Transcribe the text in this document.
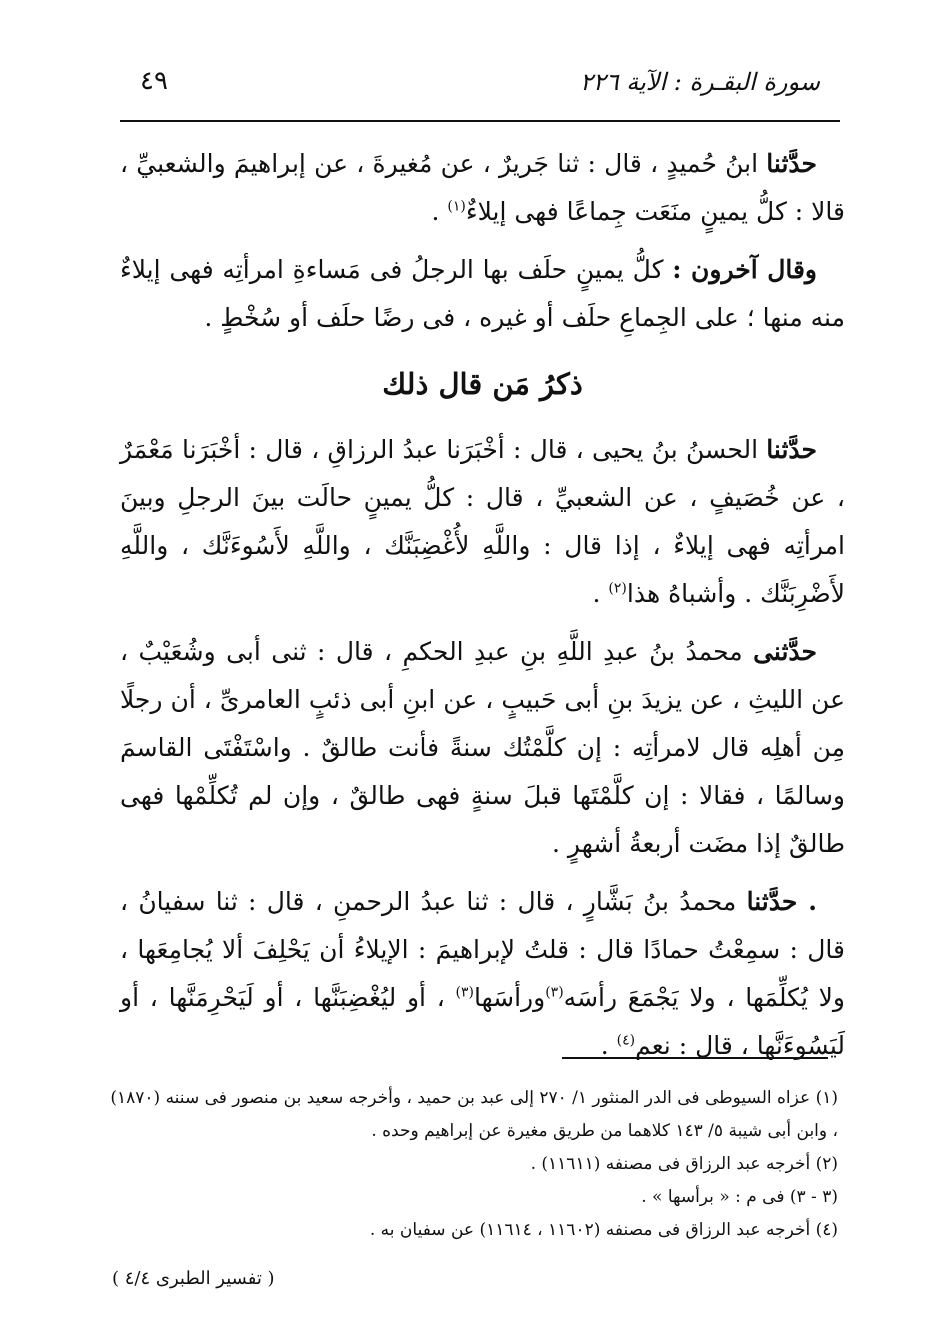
٤٩	سورة البقـرة : الآية ٢٢٦

حدَّثنا ابنُ حُميدٍ ، قال : ثنا جَريرٌ ، عن مُغيرةَ ، عن إبراهيمَ والشعبيِّ ، قالا : كلُّ يمينٍ منَعَت جِماعًا فهى إيلاءٌ$^{(١)}$ .

وقال آخرون : كلُّ يمينٍ حلَف بها الرجلُ فى مَساءةِ امرأتِه فهى إيلاءٌ منه منها ؛ على الجِماعِ حلَف أو غيره ، فى رضًا حلَف أو سُخْطٍ .

ذكرُ مَن قال ذلك

حدَّثنا الحسنُ بنُ يحيى ، قال : أخْبَرَنا عبدُ الرزاقِ ، قال : أخْبَرَنا مَعْمَرٌ ، عن خُصَيفٍ ، عن الشعبيِّ ، قال : كلُّ يمينٍ حالَت بينَ الرجلِ وبينَ امرأتِه فهى إيلاءٌ ، إذا قال : واللَّهِ لأُغْضِبَنَّك ، واللَّهِ لأَسُوءَنَّك ، واللَّهِ لأَضْرِبَنَّك . وأشباهُ هذا$^{(٢)}$ .

حدَّثنى محمدُ بنُ عبدِ اللَّهِ بنِ عبدِ الحكمِ ، قال : ثنى أبى وشُعَيْبٌ ، عن الليثِ ، عن يزيدَ بنِ أبى حَبيبٍ ، عن ابنِ أبى ذئبٍ العامرىِّ ، أن رجلًا مِن أهلِه قال لامرأتِه : إن كلَّمْتُك سنةً فأنت طالقٌ . واسْتَفْتَى القاسمَ وسالمًا ، فقالا : إن كلَّمْتَها قبلَ سنةٍ فهى طالقٌ ، وإن لم تُكلِّمْها فهى طالقٌ إذا مضَت أربعةُ أشهرٍ .

. حدَّثنا محمدُ بنُ بَشَّارٍ ، قال : ثنا عبدُ الرحمنِ ، قال : ثنا سفيانُ ، قال : سمِعْتُ حمادًا قال : قلتُ لإبراهيمَ : الإيلاءُ أن يَحْلِفَ ألا يُجامِعَها ، ولا يُكلِّمَها ، ولا يَجْمَعَ رأسَه$^{(٣)}$ورأسَها$^{(٣)}$ ، أو ليُغْضِبَنَّها ، أو لَيَحْرِمَنَّها ، أو لَيَسُوءَنَّها ، قال : نعم$^{(٤)}$ .

(١) عزاه السيوطى فى الدر المنثور ١/ ٢٧٠ إلى عبد بن حميد ، وأخرجه سعيد بن منصور فى سننه (١٨٧٠) ، وابن أبى شيبة ٥/ ١٤٣ كلاهما من طريق مغيرة عن إبراهيم وحده .

(٢) أخرجه عبد الرزاق فى مصنفه (١١٦١١) .

(٣ - ٣) فى م : « برأسها » .

(٤) أخرجه عبد الرزاق فى مصنفه (١١٦٠٢ ، ١١٦١٤) عن سفيان به .

( تفسير الطبرى ٤/٤ )
